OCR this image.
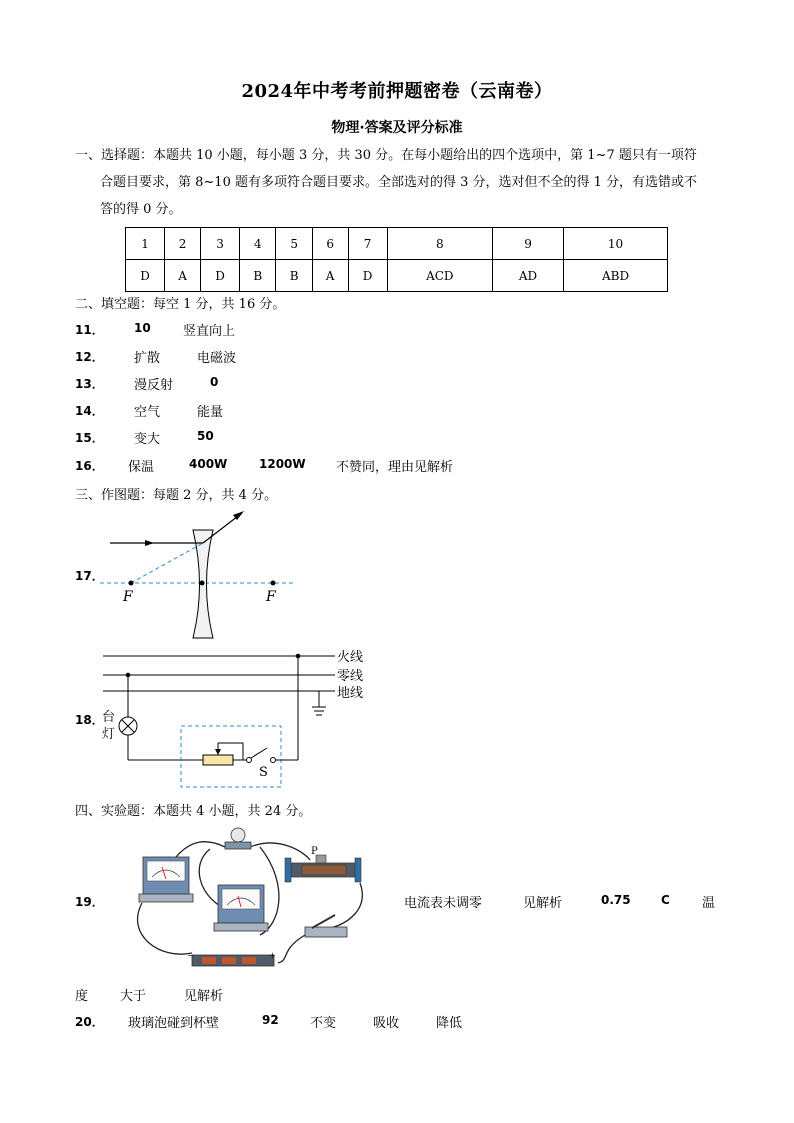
2024年中考考前押题密卷（云南卷）
物理·答案及评分标准
一、选择题：本题共 10 小题，每小题 3 分，共 30 分。在每小题给出的四个选项中，第 1~7 题只有一项符
合题目要求，第 8~10 题有多项符合题目要求。全部选对的得 3 分，选对但不全的得 1 分，有选错或不
答的得 0 分。
1	2	3	4	5	6	7	8	9	10
D	A	D	B	B	A	D	ACD	AD	ABD
二、填空题：每空 1 分，共 16 分。
11．	10 竖直向上
12． 扩散	电磁波
13． 漫反射	0
14． 空气	能量
15． 变大	50
16． 保温	400W	1200W 不赞同，理由见解析
三、作图题：每题 2 分，共 4 分。
17．
F	F
18．
火线
零线
地线
台
灯
S
四、实验题：本题共 4 小题，共 24 分。
19．
P
−	+
电流表未调零	见解析	0.75	C 温
度 大于	见解析
20． 玻璃泡碰到杯壁	92 不变	吸收	降低
